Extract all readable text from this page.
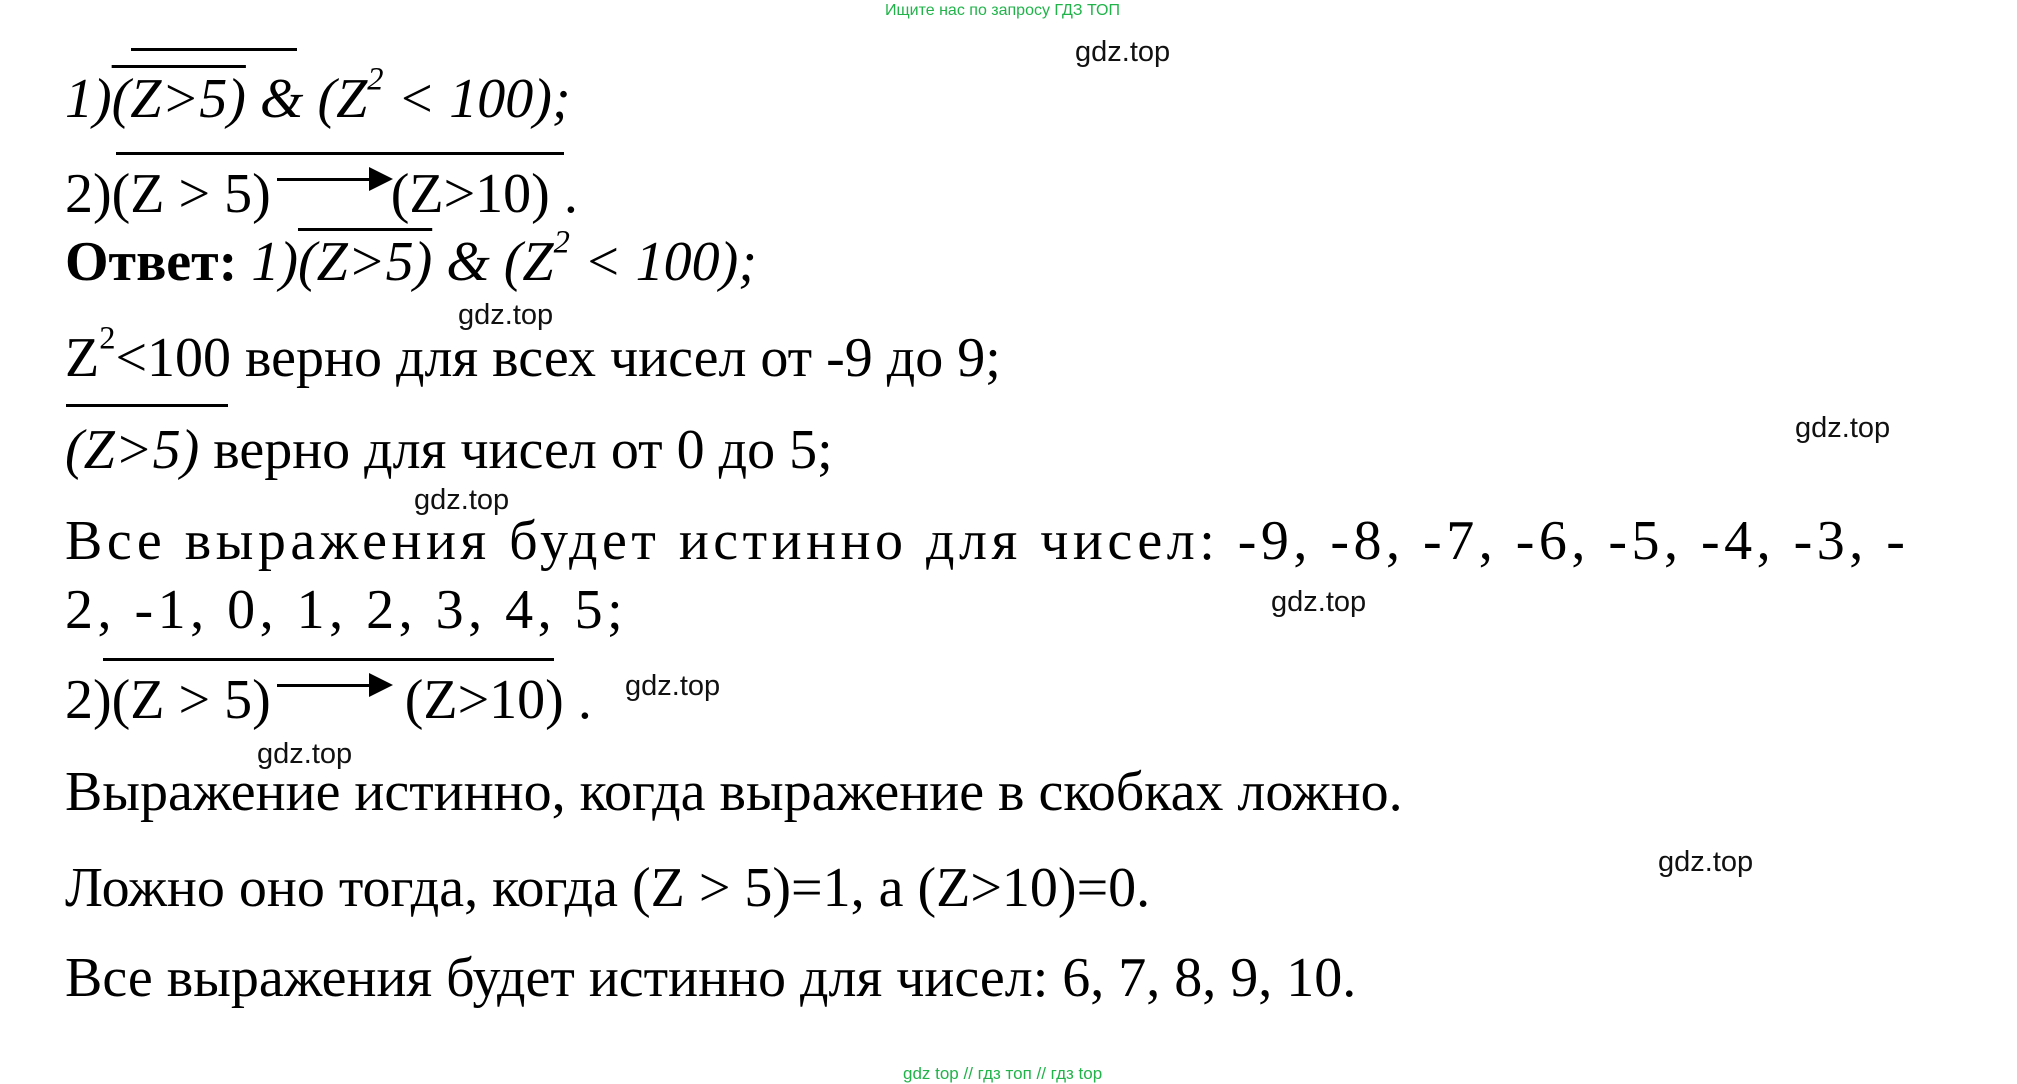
Ищите нас по запросу ГДЗ ТОП
gdz.top
gdz.top
gdz.top
gdz.top
gdz.top
gdz.top
gdz.top
gdz.top
1)(Z>5) & $(Z^2 < 100)$;
2)(Z > 5) (Z>10) .
Ответ: 1)(Z>5) & $(Z^2 < 100)$;
$Z^2<100$ верно для всех чисел от -9 до 9;
(Z>5) верно для чисел от 0 до 5;
Все выражения будет истинно для чисел: -9, -8, -7, -6, -5, -4, -3, -
2, -1, 0, 1, 2, 3, 4, 5;
2)(Z > 5) (Z>10) .
Выражение истинно, когда выражение в скобках ложно.
Ложно оно тогда, когда (Z > 5)=1, а (Z>10)=0.
Все выражения будет истинно для чисел: 6, 7, 8, 9, 10.
gdz top // гдз топ // гдз top
